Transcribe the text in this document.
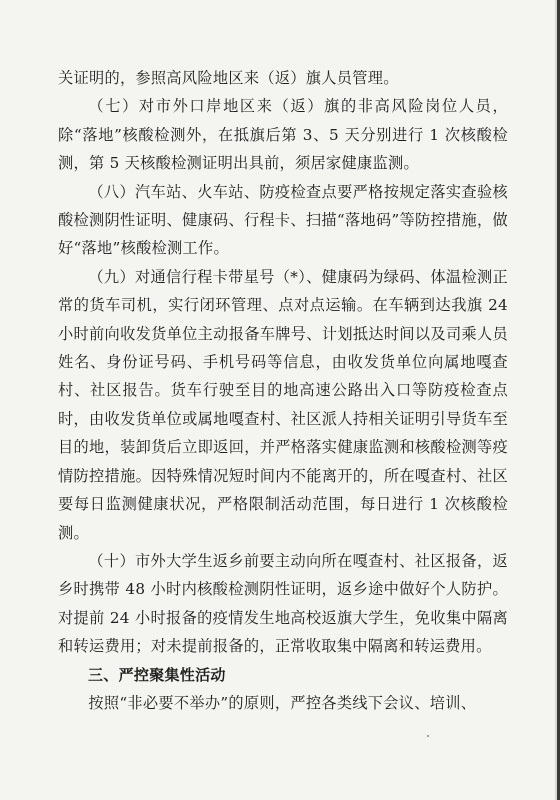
关证明的，参照高风险地区来（返）旗人员管理。

（七）对市外口岸地区来（返）旗的非高风险岗位人员，除“落地”核酸检测外，在抵旗后第 3、5 天分别进行 1 次核酸检测，第 5 天核酸检测证明出具前，须居家健康监测。

（八）汽车站、火车站、防疫检查点要严格按规定落实查验核酸检测阴性证明、健康码、行程卡、扫描“落地码”等防控措施，做好“落地”核酸检测工作。

（九）对通信行程卡带星号（*）、健康码为绿码、体温检测正常的货车司机，实行闭环管理、点对点运输。在车辆到达我旗 24 小时前向收发货单位主动报备车牌号、计划抵达时间以及司乘人员姓名、身份证号码、手机号码等信息，由收发货单位向属地嘎查村、社区报告。货车行驶至目的地高速公路出入口等防疫检查点时，由收发货单位或属地嘎查村、社区派人持相关证明引导货车至目的地，装卸货后立即返回，并严格落实健康监测和核酸检测等疫情防控措施。因特殊情况短时间内不能离开的，所在嘎查村、社区要每日监测健康状况，严格限制活动范围，每日进行 1 次核酸检测。

（十）市外大学生返乡前要主动向所在嘎查村、社区报备，返乡时携带 48 小时内核酸检测阴性证明，返乡途中做好个人防护。对提前 24 小时报备的疫情发生地高校返旗大学生，免收集中隔离和转运费用；对未提前报备的，正常收取集中隔离和转运费用。

三、严控聚集性活动

按照“非必要不举办”的原则，严控各类线下会议、培训、
